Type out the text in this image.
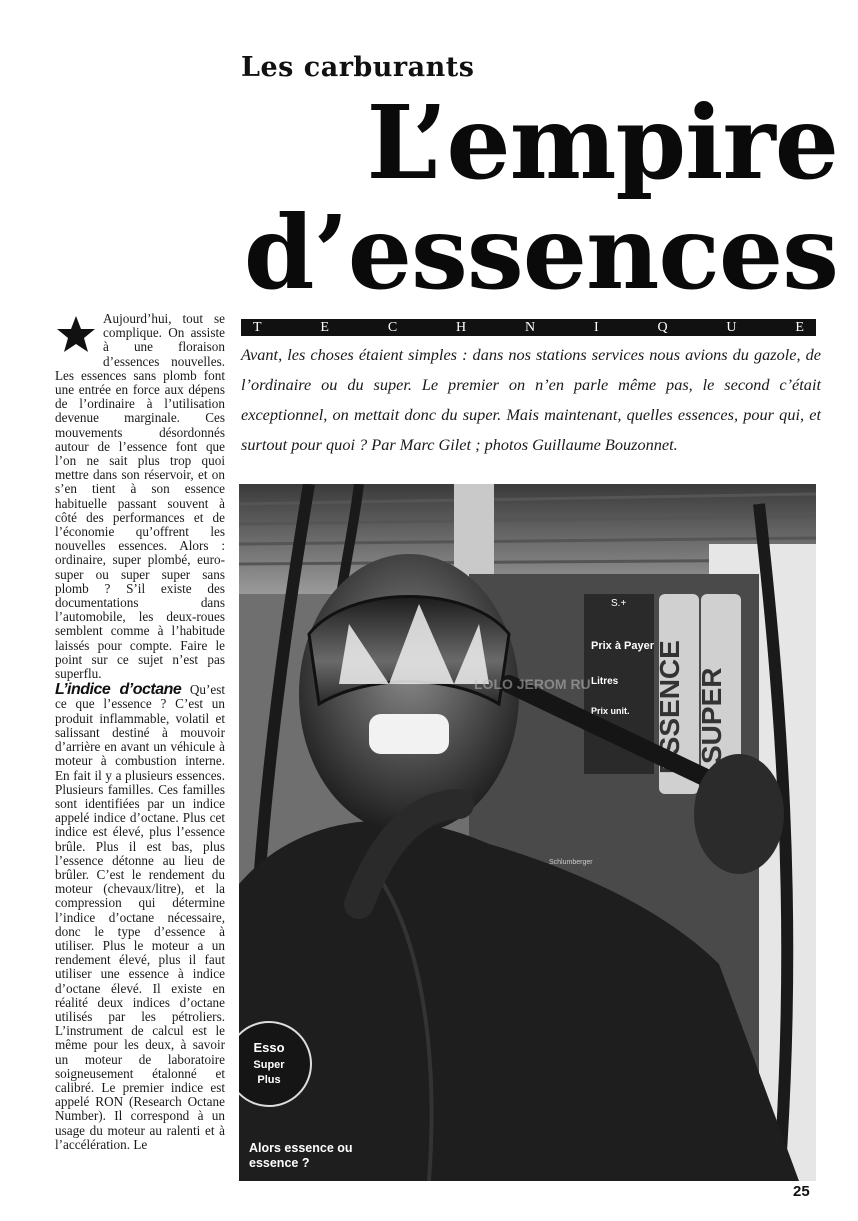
Les carburants
L’empire
d’essences
T	E	C	H	N	I	Q	U	E

Avant, les choses étaient simples : dans nos stations services nous avions du gazole, de l’ordinaire ou du super. Le premier on n’en parle même pas, le second c’était exceptionnel, on mettait donc du super. Mais maintenant, quelles essences, pour qui, et surtout pour quoi ? Par Marc Gilet ; photos Guillaume Bouzonnet.

Aujourd’hui, tout se complique. On assiste à une floraison d’essences nouvelles. Les essences sans plomb font une entrée en force aux dépens de l’ordinaire à l’utilisation devenue marginale. Ces mouvements désordonnés autour de l’essence font que l’on ne sait plus trop quoi mettre dans son réservoir, et on s’en tient à son essence habituelle passant souvent à côté des performances et de l’économie qu’offrent les nouvelles essences. Alors : ordinaire, super plombé, euro-super ou super super sans plomb ? S’il existe des documentations dans l’automobile, les deux-roues semblent comme à l’habitude laissés pour compte. Faire le point sur ce sujet n’est pas superflu.

L’indice d’octane Qu’est ce que l’essence ? C’est un produit inflammable, volatil et salissant destiné à mouvoir d’arrière en avant un véhicule à moteur à combustion interne. En fait il y a plusieurs essences. Plusieurs familles. Ces familles sont identifiées par un indice appelé indice d’octane. Plus cet indice est élevé, plus l’essence brûle. Plus il est bas, plus l’essence détonne au lieu de brûler. C’est le rendement du moteur (chevaux/litre), et la compression qui détermine l’indice d’octane nécessaire, donc le type d’essence à utiliser. Plus le moteur a un rendement élevé, plus il faut utiliser une essence à indice d’octane élevé. Il existe en réalité deux indices d’octane utilisés par les pétroliers. L’instrument de calcul est le même pour les deux, à savoir un moteur de laboratoire soigneusement étalonné et calibré. Le premier indice est appelé RON (Research Octane Number). Il correspond à un usage du moteur au ralenti et à l’accélération. Le

ESSENCE SUPER
S.+
Prix à Payer
Litres
Prix unit.
Schlumberger
Esso
Super
Plus
LOLO JEROM RU
Alors essence ou essence ?
25
